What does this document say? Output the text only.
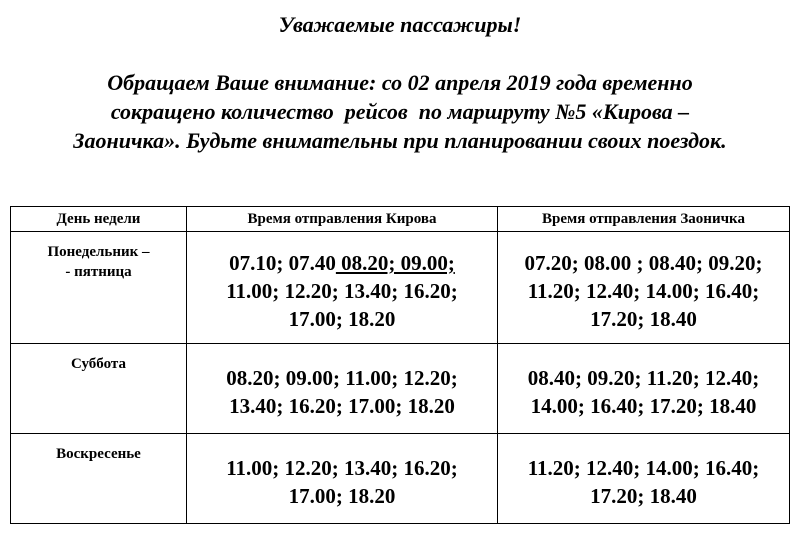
Уважаемые пассажиры!
Обращаем Ваше внимание: со 02 апреля 2019 года временно
сокращено количество  рейсов  по маршруту №5 «Кирова –
Заоничка». Будьте внимательны при планировании своих поездок.
День недели	Время отправления Кирова	Время отправления Заоничка

Понедельник –
- пятница	07.10; 07.40 08.20; 09.00;
11.00; 12.20; 13.40; 16.20;
17.00; 18.20	07.20; 08.00 ; 08.40; 09.20;
11.20; 12.40; 14.00; 16.40;
17.20; 18.40

Суббота	08.20; 09.00; 11.00; 12.20;
13.40; 16.20; 17.00; 18.20	08.40; 09.20; 11.20; 12.40;
14.00; 16.40; 17.20; 18.40

Воскресенье	11.00; 12.20; 13.40; 16.20;
17.00; 18.20	11.20; 12.40; 14.00; 16.40;
17.20; 18.40
